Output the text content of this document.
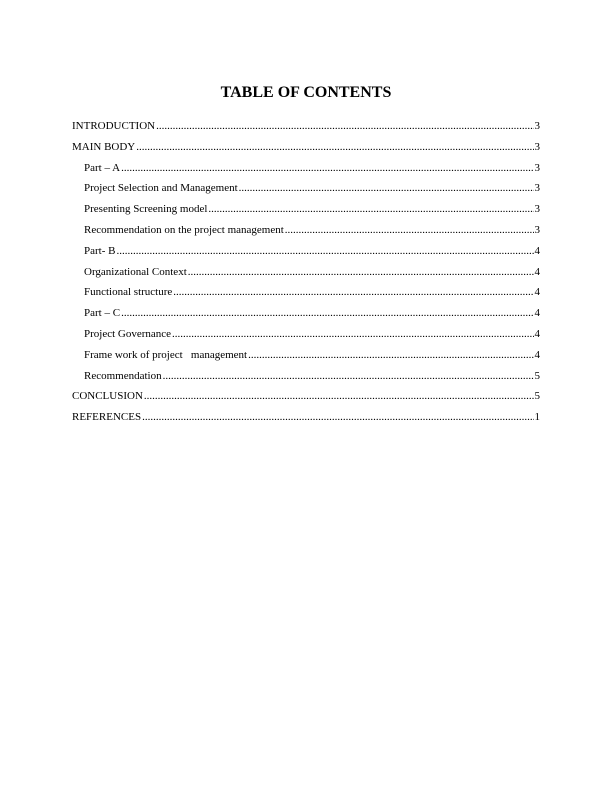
TABLE OF CONTENTS
INTRODUCTION .....	3
MAIN BODY .....	3
Part – A .....	3
Project Selection and Management .....	3
Presenting Screening model .....	3
Recommendation on the project management .....	3
Part- B .....	4
Organizational Context .....	4
Functional structure .....	4
Part – C .....	4
Project Governance .....	4
Frame work of project   management .....	4
Recommendation .....	5
CONCLUSION .....	5
REFERENCES .....	1
